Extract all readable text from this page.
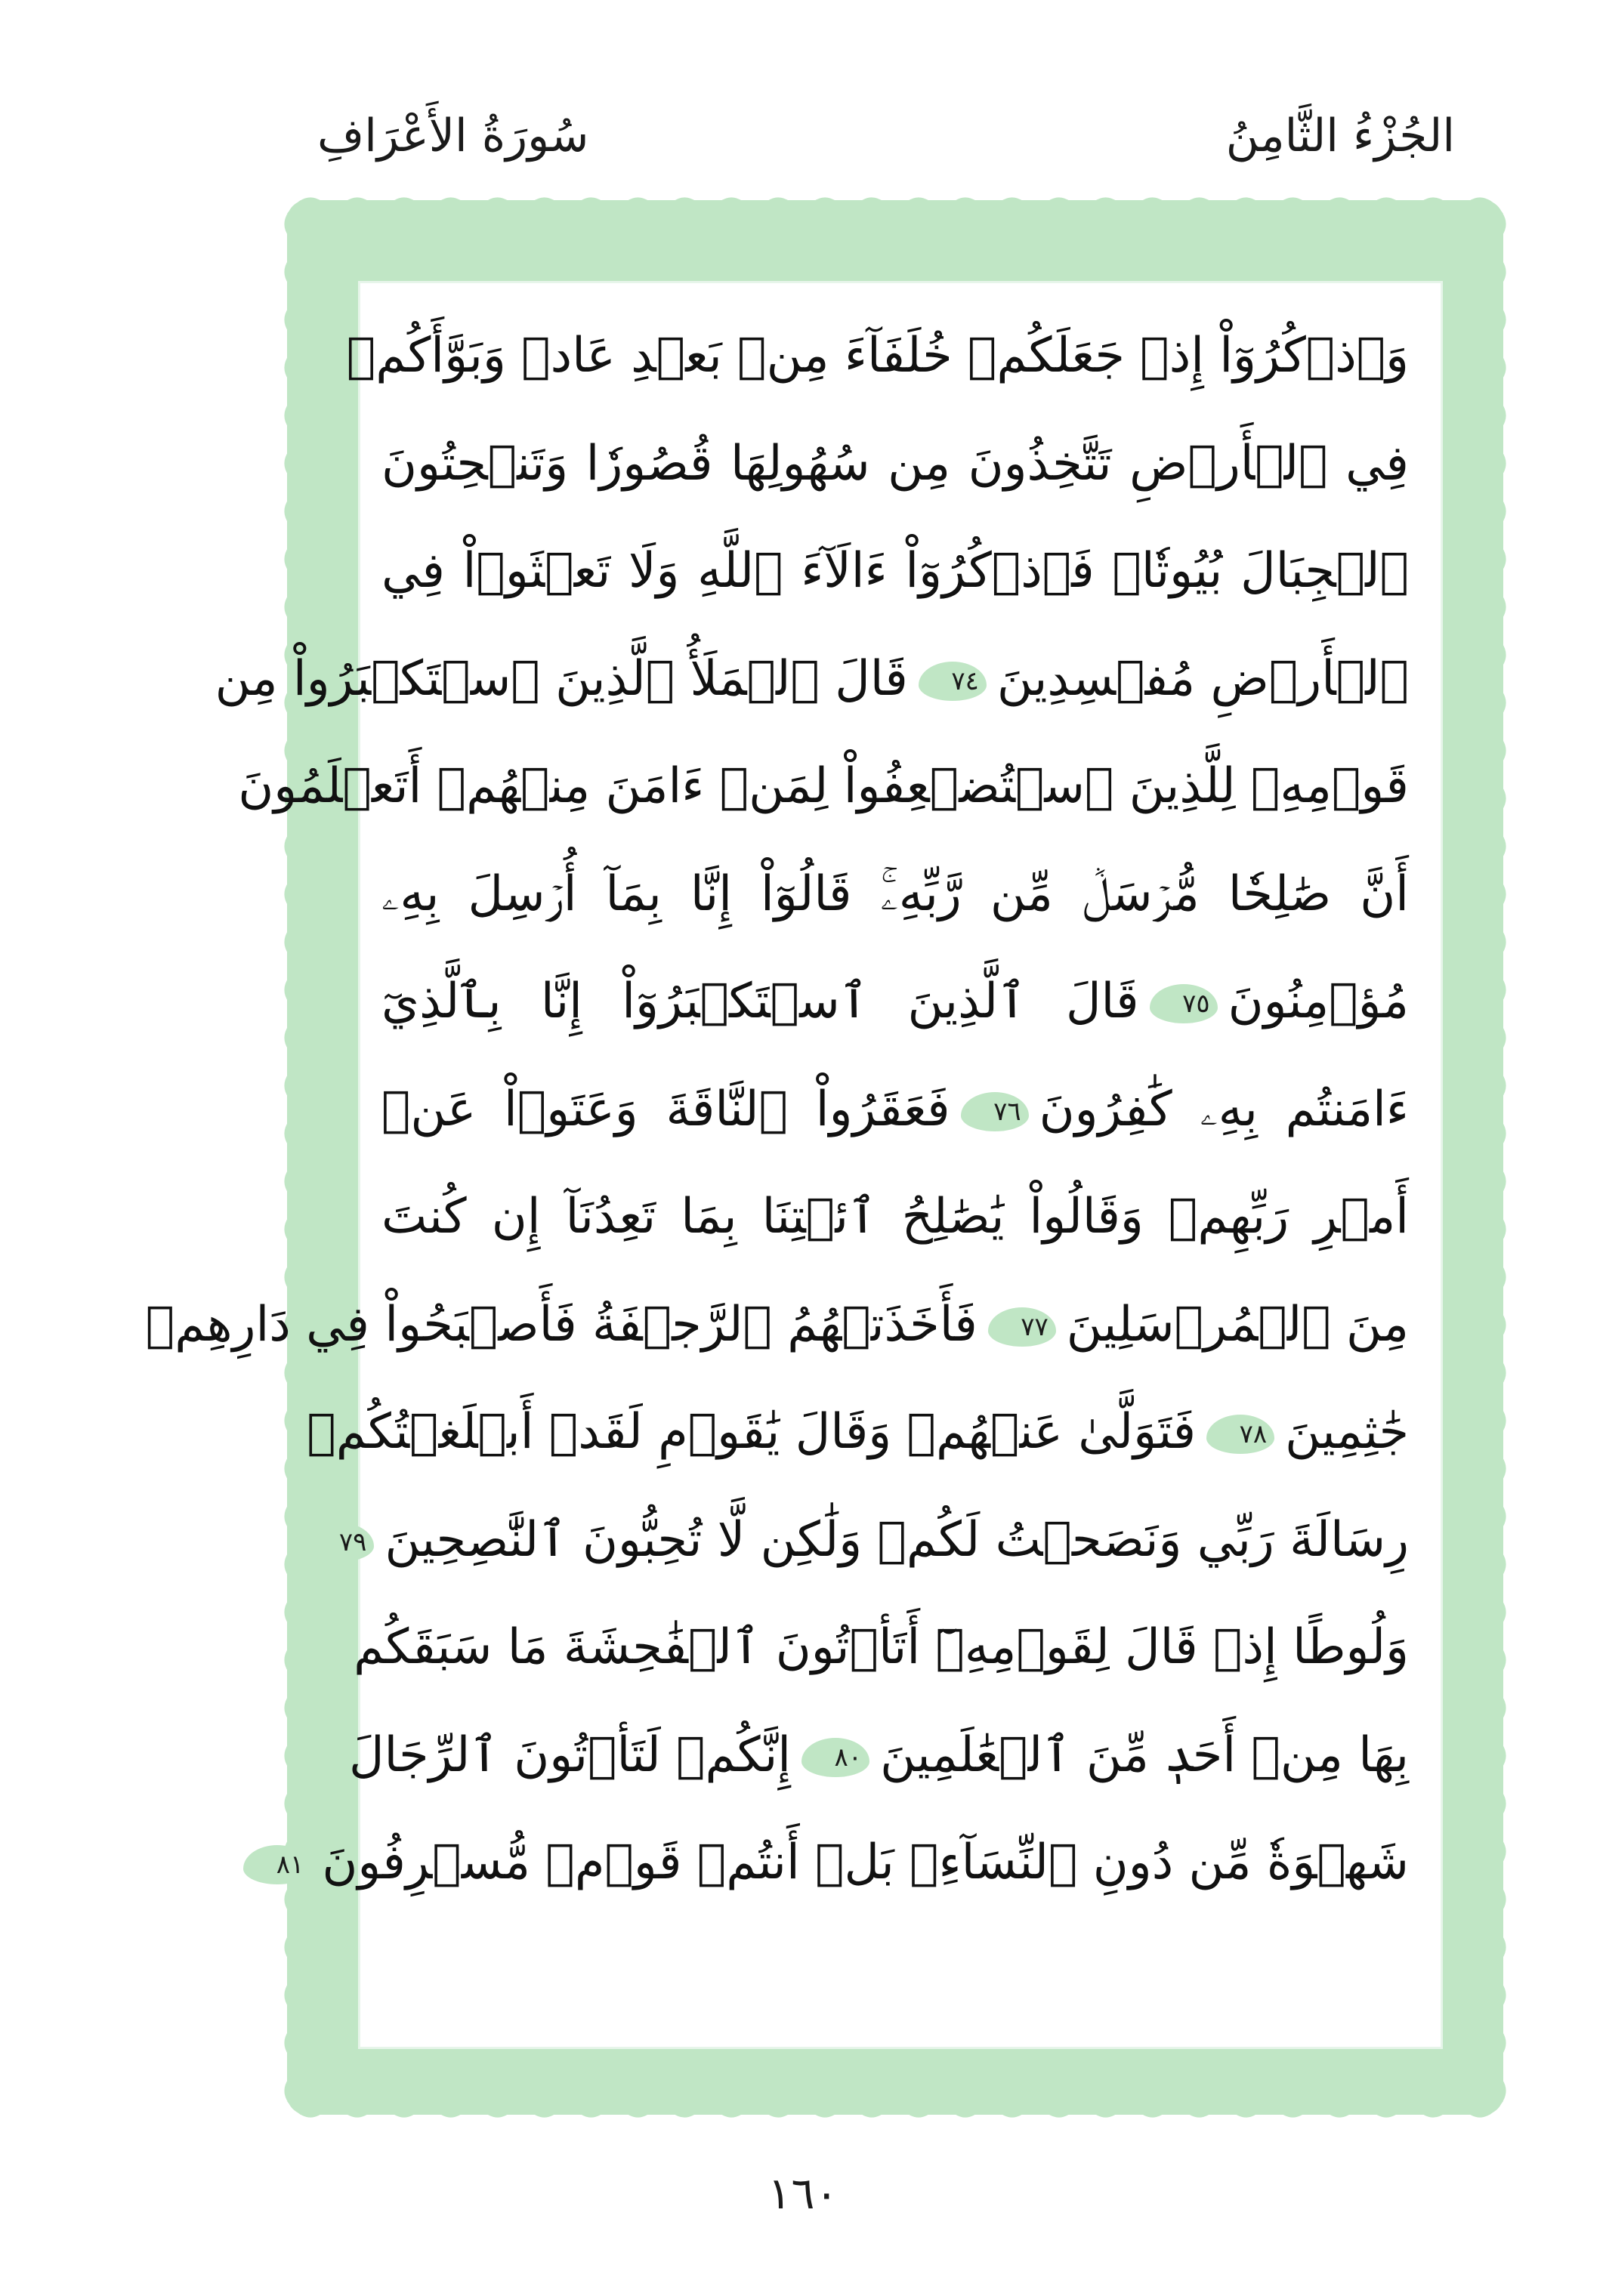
الجُزْءُ الثَّامِنُ
سُورَةُ الأَعْرَافِ
وَٱذۡكُرُوٓاْ إِذۡ جَعَلَكُمۡ خُلَفَآءَ مِنۢ بَعۡدِ عَادٖ وَبَوَّأَكُمۡ
فِي ٱلۡأَرۡضِ تَتَّخِذُونَ مِن سُهُولِهَا قُصُورٗا وَتَنۡحِتُونَ
ٱلۡجِبَالَ بُيُوتٗاۖ فَٱذۡكُرُوٓاْ ءَالَآءَ ٱللَّهِ وَلَا تَعۡثَوۡاْ فِي
ٱلۡأَرۡضِ مُفۡسِدِينَ٧٤قَالَ ٱلۡمَلَأُ ٱلَّذِينَ ٱسۡتَكۡبَرُواْ مِن
قَوۡمِهِۦ لِلَّذِينَ ٱسۡتُضۡعِفُواْ لِمَنۡ ءَامَنَ مِنۡهُمۡ أَتَعۡلَمُونَ
أَنَّ صَٰلِحٗا مُّرۡسَلٞ مِّن رَّبِّهِۦۚ قَالُوٓاْ إِنَّا بِمَآ أُرۡسِلَ بِهِۦ
مُؤۡمِنُونَ٧٥قَالَ ٱلَّذِينَ ٱسۡتَكۡبَرُوٓاْ إِنَّا بِٱلَّذِيٓ
ءَامَنتُم بِهِۦ كَٰفِرُونَ٧٦فَعَقَرُواْ ٱلنَّاقَةَ وَعَتَوۡاْ عَنۡ
أَمۡرِ رَبِّهِمۡ وَقَالُواْ يَٰصَٰلِحُ ٱئۡتِنَا بِمَا تَعِدُنَآ إِن كُنتَ
مِنَ ٱلۡمُرۡسَلِينَ٧٧فَأَخَذَتۡهُمُ ٱلرَّجۡفَةُ فَأَصۡبَحُواْ فِي دَارِهِمۡ
جَٰثِمِينَ٧٨فَتَوَلَّىٰ عَنۡهُمۡ وَقَالَ يَٰقَوۡمِ لَقَدۡ أَبۡلَغۡتُكُمۡ
رِسَالَةَ رَبِّي وَنَصَحۡتُ لَكُمۡ وَلَٰكِن لَّا تُحِبُّونَ ٱلنَّٰصِحِينَ٧٩
وَلُوطًا إِذۡ قَالَ لِقَوۡمِهِۦٓ أَتَأۡتُونَ ٱلۡفَٰحِشَةَ مَا سَبَقَكُم
بِهَا مِنۡ أَحَدٖ مِّنَ ٱلۡعَٰلَمِينَ٨٠إِنَّكُمۡ لَتَأۡتُونَ ٱلرِّجَالَ
شَهۡوَةٗ مِّن دُونِ ٱلنِّسَآءِۚ بَلۡ أَنتُمۡ قَوۡمٞ مُّسۡرِفُونَ٨١
١٦٠
